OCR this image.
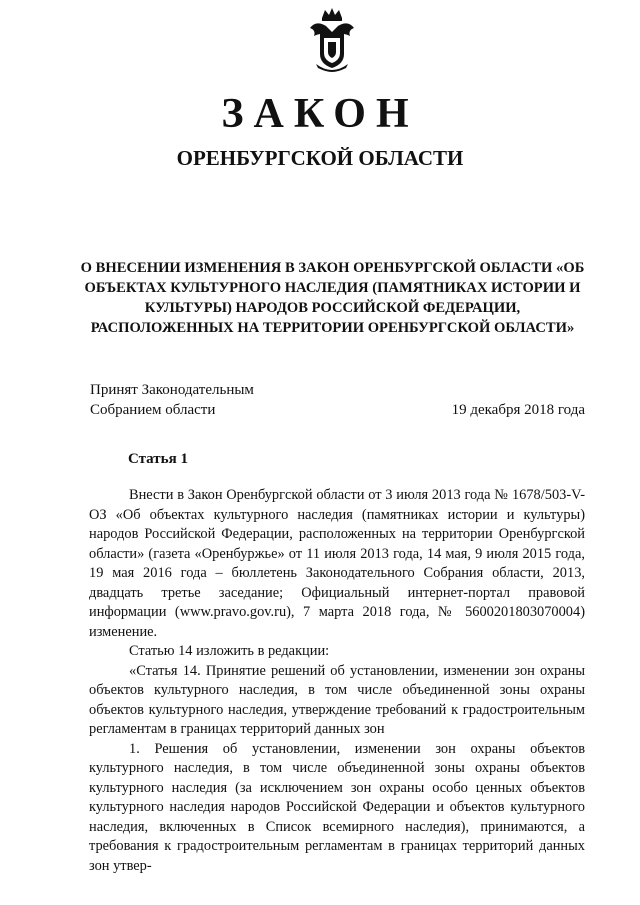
ЗАКОН
ОРЕНБУРГСКОЙ ОБЛАСТИ
О ВНЕСЕНИИ ИЗМЕНЕНИЯ В ЗАКОН ОРЕНБУРГСКОЙ ОБЛАСТИ «ОБ ОБЪЕКТАХ КУЛЬТУРНОГО НАСЛЕДИЯ (ПАМЯТНИКАХ ИСТОРИИ И КУЛЬТУРЫ) НАРОДОВ РОССИЙСКОЙ ФЕДЕРАЦИИ, РАСПОЛОЖЕННЫХ НА ТЕРРИТОРИИ ОРЕНБУРГСКОЙ ОБЛАСТИ»
Принят Законодательным
Собранием области	19 декабря 2018 года
Статья 1

Внести в Закон Оренбургской области от 3 июля 2013 года № 1678/503-V-ОЗ «Об объектах культурного наследия (памятниках истории и культуры) народов Российской Федерации, расположенных на территории Оренбургской области» (газета «Оренбуржье» от 11 июля 2013 года, 14 мая, 9 июля 2015 года, 19 мая 2016 года – бюллетень Законодательного Собрания области, 2013, двадцать третье заседание; Официальный интернет-портал правовой информации (www.pravo.gov.ru), 7 марта 2018 года, № 5600201803070004) изменение.

Статью 14 изложить в редакции:

«Статья 14. Принятие решений об установлении, изменении зон охраны объектов культурного наследия, в том числе объединенной зоны охраны объектов культурного наследия, утверждение требований к градостроительным регламентам в границах территорий данных зон

1. Решения об установлении, изменении зон охраны объектов культурного наследия, в том числе объединенной зоны охраны объектов культурного наследия (за исключением зон охраны особо ценных объектов культурного наследия народов Российской Федерации и объектов культурного наследия, включенных в Список всемирного наследия), принимаются, а требования к градостроительным регламентам в границах территорий данных зон утвер-
